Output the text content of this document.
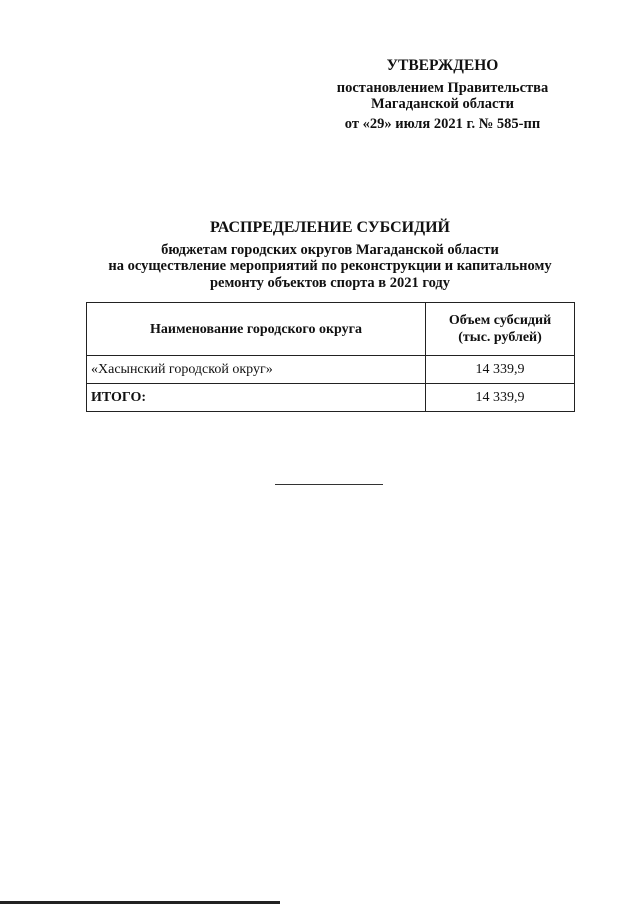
УТВЕРЖДЕНО
постановлением Правительства
Магаданской области
от «29» июля 2021 г. № 585-пп
РАСПРЕДЕЛЕНИЕ СУБСИДИЙ
бюджетам городских округов Магаданской области
на осуществление мероприятий по реконструкции и капитальному
ремонту объектов спорта в 2021 году
Наименование городского округа	Объем субсидий
(тыс. рублей)
«Хасынский городской округ»	14 339,9
ИТОГО:	14 339,9
